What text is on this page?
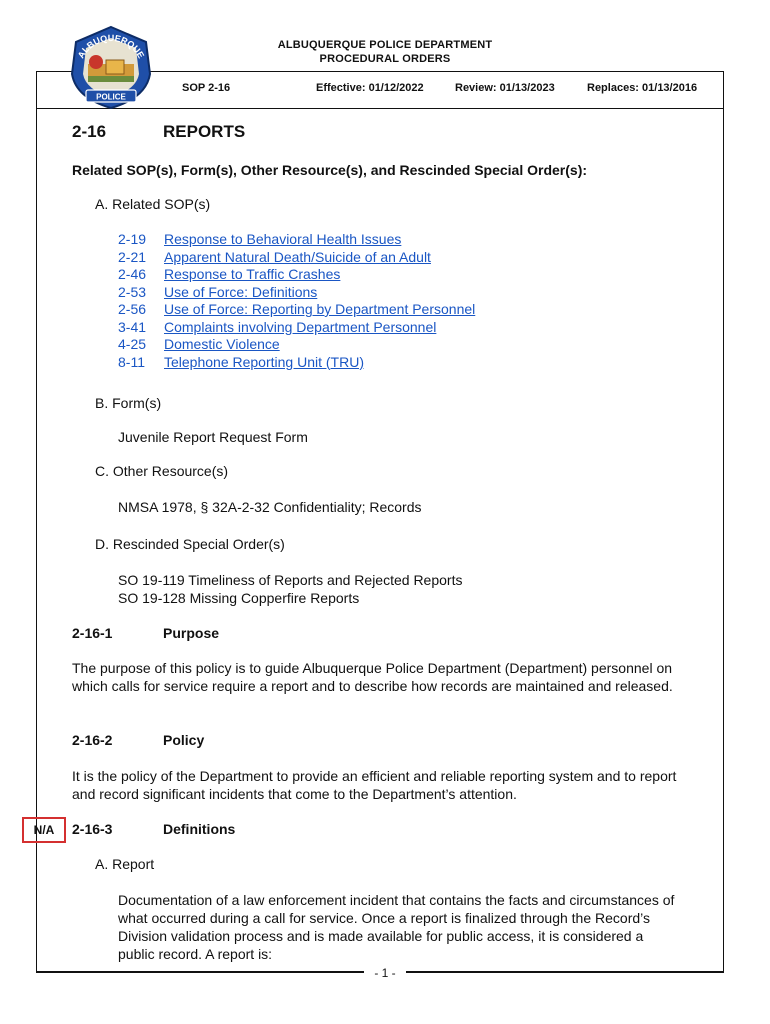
ALBUQUERQUE POLICE DEPARTMENT
PROCEDURAL ORDERS
SOP 2-16	Effective: 01/12/2022	Review: 01/13/2023	Replaces: 01/13/2016
ALBUQUERQUE
POLICE
- 1 -
2-16	REPORTS
Related SOP(s), Form(s), Other Resource(s), and Rescinded Special Order(s):
A. Related SOP(s)
2-19 Response to Behavioral Health Issues
2-21 Apparent Natural Death/Suicide of an Adult
2-46 Response to Traffic Crashes
2-53 Use of Force: Definitions
2-56 Use of Force: Reporting by Department Personnel
3-41 Complaints involving Department Personnel
4-25 Domestic Violence
8-11 Telephone Reporting Unit (TRU)
B. Form(s)
Juvenile Report Request Form
C. Other Resource(s)
NMSA 1978, § 32A-2-32 Confidentiality; Records
D. Rescinded Special Order(s)
SO 19-119 Timeliness of Reports and Rejected Reports
SO 19-128 Missing Copperfire Reports
2-16-1	Purpose
The purpose of this policy is to guide Albuquerque Police Department (Department) personnel on which calls for service require a report and to describe how records are maintained and released.
2-16-2	Policy
It is the policy of the Department to provide an efficient and reliable reporting system and to report and record significant incidents that come to the Department’s attention.
N/A	2-16-3	Definitions
A. Report
Documentation of a law enforcement incident that contains the facts and circumstances of what occurred during a call for service. Once a report is finalized through the Record’s Division validation process and is made available for public access, it is considered a public record. A report is:
